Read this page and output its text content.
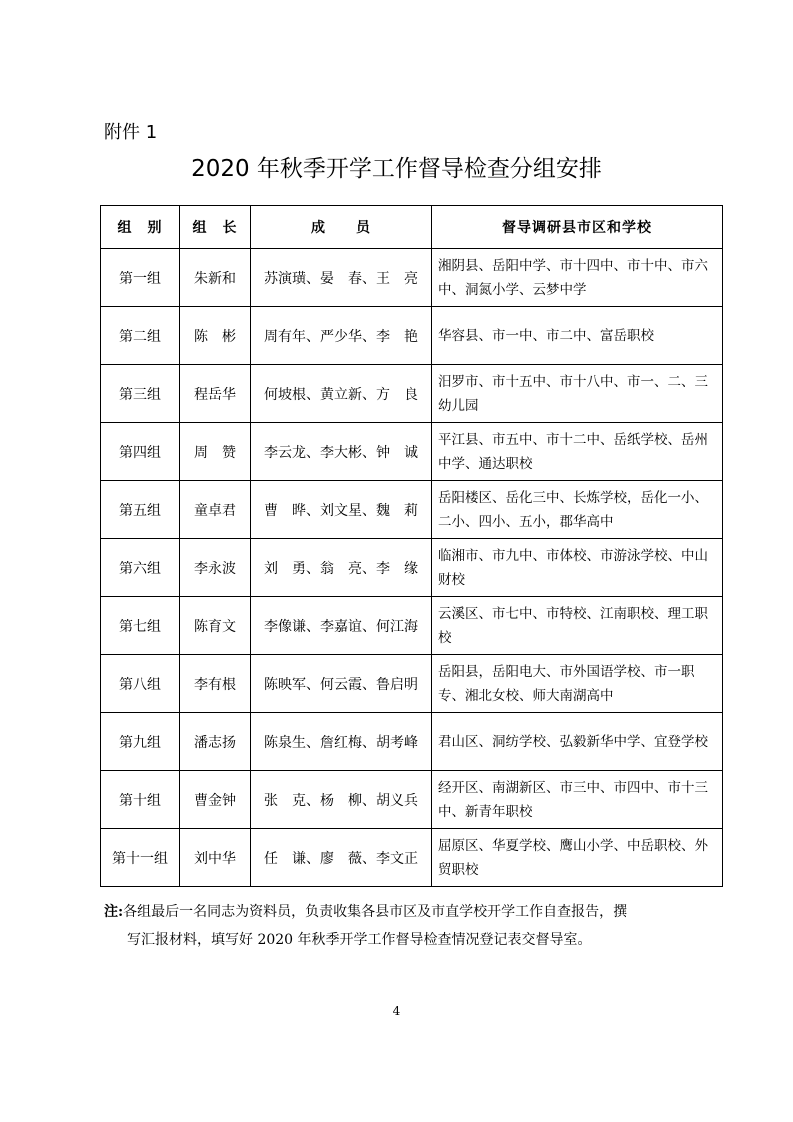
附件 1
2020 年秋季开学工作督导检查分组安排
组　别	组　长	成　　员	督导调研县市区和学校
第一组	朱新和	苏演璜、晏　春、王　亮	湘阴县、岳阳中学、市十四中、市十中、市六中、洞氮小学、云梦中学
第二组	陈　彬	周有年、严少华、李　艳	华容县、市一中、市二中、富岳职校
第三组	程岳华	何坡根、黄立新、方　良	汨罗市、市十五中、市十八中、市一、二、三幼儿园
第四组	周　赞	李云龙、李大彬、钟　诚	平江县、市五中、市十二中、岳纸学校、岳州中学、通达职校
第五组	童卓君	曹　晔、刘文星、魏　莉	岳阳楼区、岳化三中、长炼学校，岳化一小、二小、四小、五小，郡华高中
第六组	李永波	刘　勇、翁　亮、李　缘	临湘市、市九中、市体校、市游泳学校、中山财校
第七组	陈育文	李像谦、李嘉谊、何江海	云溪区、市七中、市特校、江南职校、理工职校
第八组	李有根	陈映军、何云霞、鲁启明	岳阳县，岳阳电大、市外国语学校、市一职专、湘北女校、师大南湖高中
第九组	潘志扬	陈泉生、詹红梅、胡考峰	君山区、洞纺学校、弘毅新华中学、宜登学校
第十组	曹金钟	张　克、杨　柳、胡义兵	经开区、南湖新区、市三中、市四中、市十三中、新青年职校
第十一组	刘中华	任　谦、廖　薇、李文正	屈原区、华夏学校、鹰山小学、中岳职校、外贸职校
注:各组最后一名同志为资料员，负责收集各县市区及市直学校开学工作自查报告，撰
写汇报材料，填写好 2020 年秋季开学工作督导检查情况登记表交督导室。
4
